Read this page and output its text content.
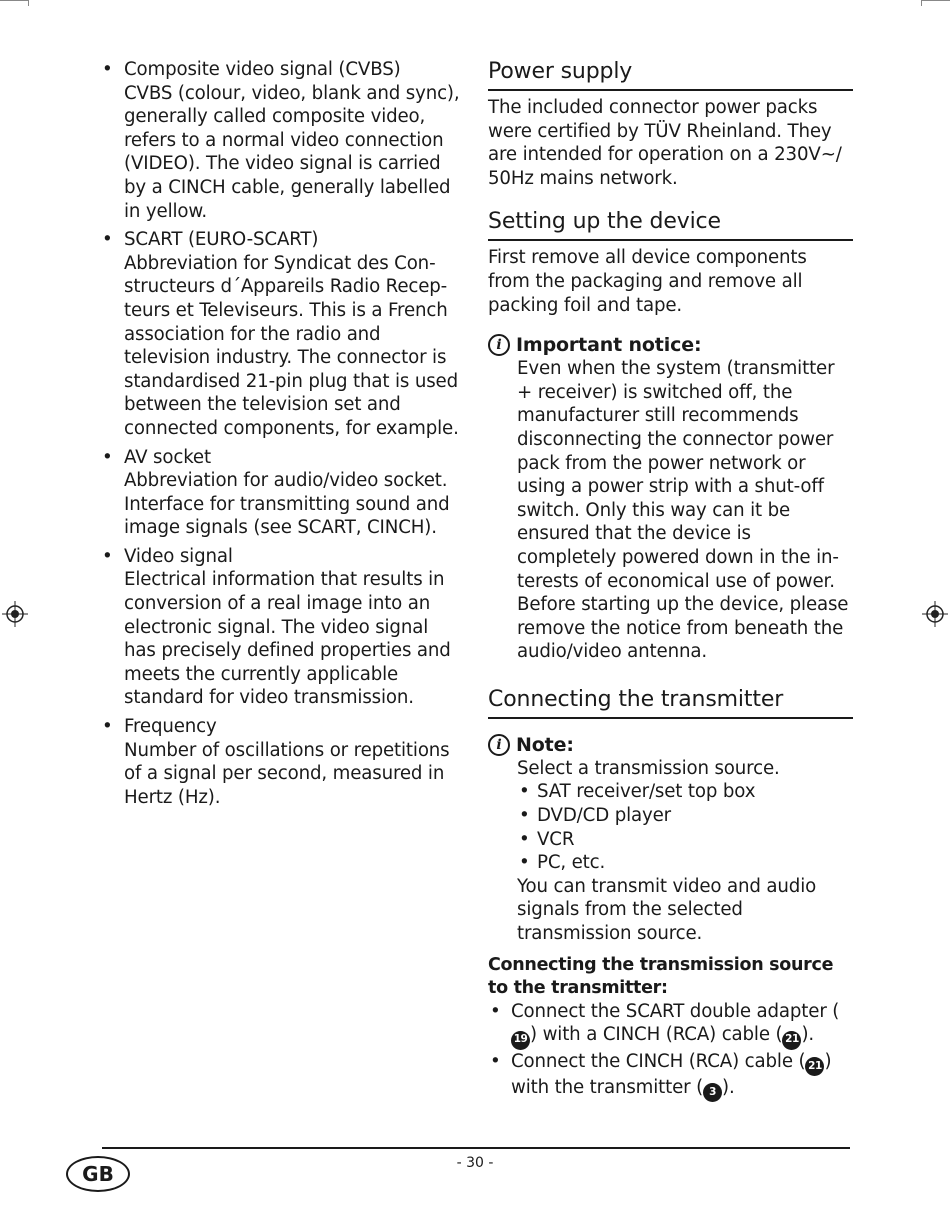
• Composite video signal (CVBS)
CVBS (colour, video, blank and sync), generally called composite video, refers to a normal video connection (VIDEO). The video signal is carried by a CINCH cable, generally labelled in yellow.
• SCART (EURO-SCART)
Abbreviation for Syndicat des Constructeurs d´Appareils Radio Recepteurs et Televiseurs. This is a French association for the radio and television industry. The connector is standardised 21-pin plug that is used between the television set and connected components, for example.
• AV socket
Abbreviation for audio/video socket. Interface for transmitting sound and image signals (see SCART, CINCH).
• Video signal
Electrical information that results in conversion of a real image into an electronic signal. The video signal has precisely defined properties and meets the currently applicable standard for video transmission.
• Frequency
Number of oscillations or repetitions of a signal per second, measured in Hertz (Hz).
Power supply

The included connector power packs were certified by TÜV Rheinland. They are intended for operation on a 230V~/ 50Hz mains network.

Setting up the device

First remove all device components from the packaging and remove all packing foil and tape.

i Important notice:

Even when the system (transmitter + receiver) is switched off, the manufacturer still recommends disconnecting the connector power pack from the power network or using a power strip with a shut-off switch. Only this way can it be ensured that the device is completely powered down in the interests of economical use of power. Before starting up the device, please remove the notice from beneath the audio/video antenna.

Connecting the transmitter
i Note:

Select a transmission source.

• SAT receiver/set top box
• DVD/CD player
• VCR
• PC, etc.

You can transmit video and audio signals from the selected transmission source.

Connecting the transmission source to the transmitter:

• Connect the SCART double adapter (19 ) with a CINCH (RCA) cable ( 21 ).
• Connect the CINCH (RCA) cable ( 21 ) with the transmitter ( 3 ).
GB	- 30 -
